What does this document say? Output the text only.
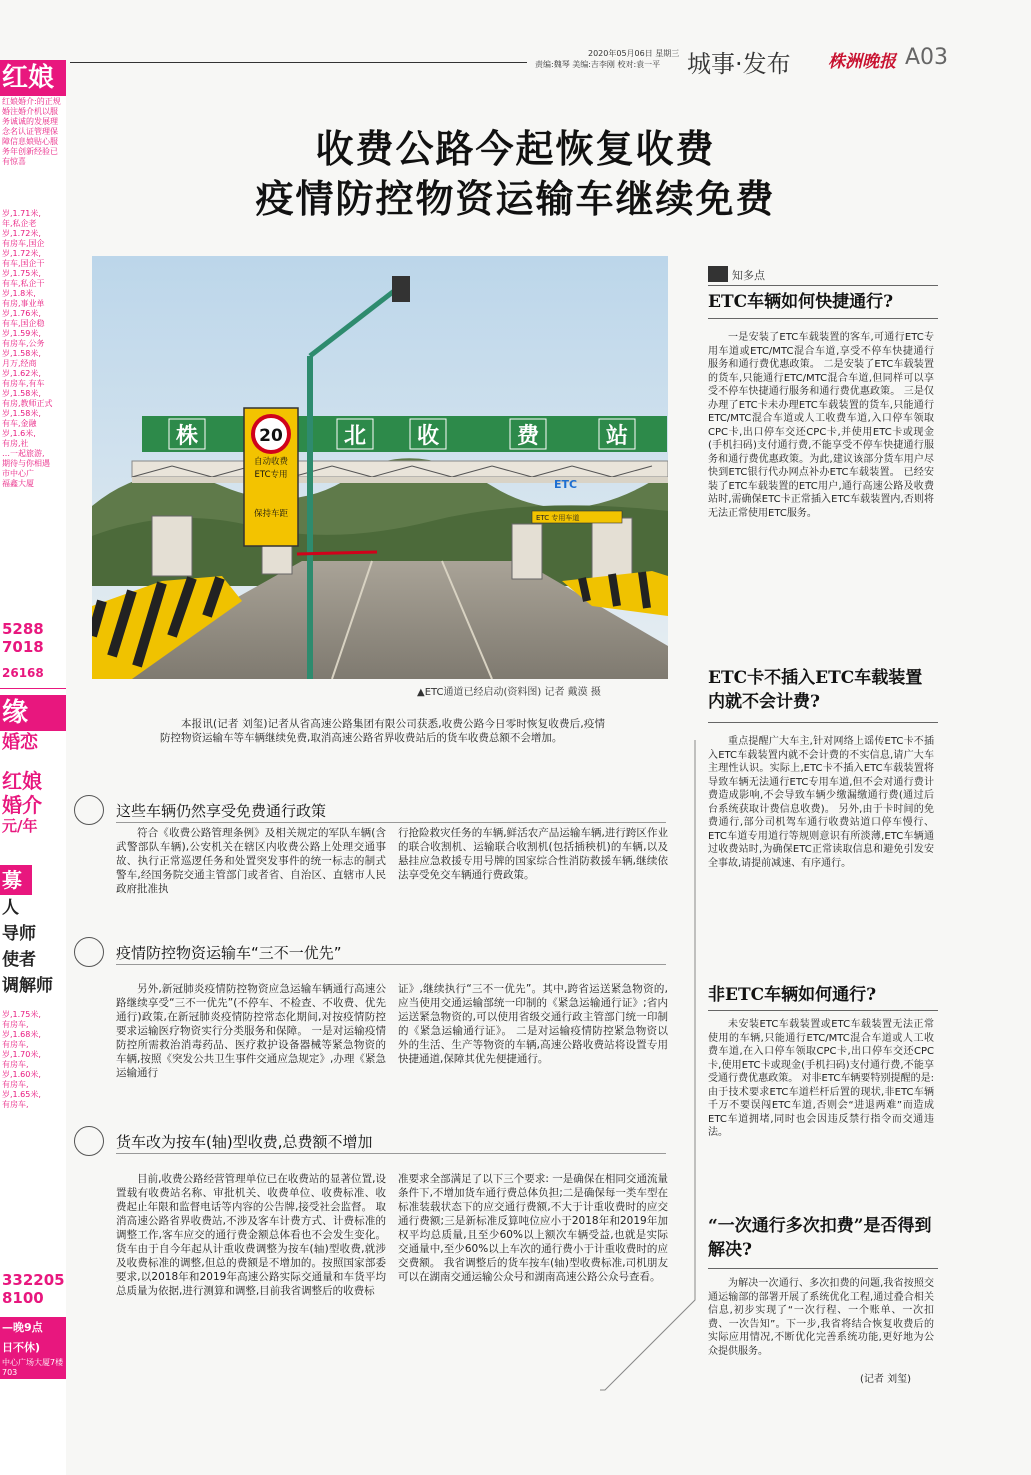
红娘
红娘婚介:的正规婚注婚介机以服务诚诚的发展理念名认证管理保障信息娘贴心服务年创新经验已有惊喜
岁,1.71米,
年,私企老
岁,1.72米,
有房车,国企
岁,1.72米,
有车,国企干
岁,1.75米,
有车,私企干
岁,1.8米,
有房,事业单
岁,1.76米,
有车,国企稳
岁,1.59米,
有房车,公务
岁,1.58米,
月万,经商
岁,1.62米,
有房车,有车
岁,1.58米,
有房,教师正式
岁,1.58米,
有车,金融
岁,1.6米,
有房,社
…一起旅游,
期待与你相遇
市中心广
福鑫大厦
5288
7018
26168
缘
婚恋
红娘
婚介
元/年
募
人
导师
使者
调解师
岁,1.75米,
有房车,
岁,1.68米,
有房车,
岁,1.70米,
有房车,
岁,1.60米,
有房车,
岁,1.65米,
有房车,
332205
8100
—晚9点
日不休)
中心广场大厦7楼703
2020年05月06日 星期三
责编:魏琴 美编:吉李刚 校对:袁一平 城事·发布 株洲晚报 A03
收费公路今起恢复收费
疫情防控物资运输车继续免费
株	北 收	费	站
ETC
ETC 专用车道
20
自动收费
ETC专用
保持车距
▲ETC通道已经启动(资料图) 记者 戴漠 摄

本报讯(记者 刘玺)记者从省高速公路集团有限公司获悉,收费公路今日零时恢复收费后,疫情防控物资运输车等车辆继续免费,取消高速公路省界收费站后的货车收费总额不会增加。

这些车辆仍然享受免费通行政策

符合《收费公路管理条例》及相关规定的军队车辆(含武警部队车辆),公安机关在辖区内收费公路上处理交通事故、执行正常巡逻任务和处置突发事件的统一标志的制式警车,经国务院交通主管部门或者省、自治区、直辖市人民政府批准执

行抢险救灾任务的车辆,鲜活农产品运输车辆,进行跨区作业的联合收割机、运输联合收割机(包括插秧机)的车辆,以及悬挂应急救援专用号牌的国家综合性消防救援车辆,继续依法享受免交车辆通行费政策。

疫情防控物资运输车“三不一优先”

另外,新冠肺炎疫情防控物资应急运输车辆通行高速公路继续享受“三不一优先”(不停车、不检查、不收费、优先通行)政策,在新冠肺炎疫情防控常态化期间,对按疫情防控要求运输医疗物资实行分类服务和保障。 一是对运输疫情防控所需救治消毒药品、医疗救护设备器械等紧急物资的车辆,按照《突发公共卫生事件交通应急规定》,办理《紧急运输通行

证》,继续执行“三不一优先”。其中,跨省运送紧急物资的,应当使用交通运输部统一印制的《紧急运输通行证》;省内运送紧急物资的,可以使用省级交通行政主管部门统一印制的《紧急运输通行证》。 二是对运输疫情防控紧急物资以外的生活、生产等物资的车辆,高速公路收费站将设置专用快捷通道,保障其优先便捷通行。

货车改为按车(轴)型收费,总费额不增加

目前,收费公路经营管理单位已在收费站的显著位置,设置载有收费站名称、审批机关、收费单位、收费标准、收费起止年限和监督电话等内容的公告牌,接受社会监督。 取消高速公路省界收费站,不涉及客车计费方式、计费标准的调整工作,客车应交的通行费金额总体看也不会发生变化。 货车由于自今年起从计重收费调整为按车(轴)型收费,就涉及收费标准的调整,但总的费额是不增加的。按照国家部委要求,以2018年和2019年高速公路实际交通量和车货平均总质量为依据,进行测算和调整,目前我省调整后的收费标

准要求全部满足了以下三个要求: 一是确保在相同交通流量条件下,不增加货车通行费总体负担;二是确保每一类车型在标准装载状态下的应交通行费额,不大于计重收费时的应交通行费额;三是新标准反算吨位应小于2018年和2019年加权平均总质量,且至少60%以上额次车辆受益,也就是实际交通量中,至少60%以上车次的通行费小于计重收费时的应交费额。 我省调整后的货车按车(轴)型收费标准,司机朋友可以在湖南交通运输公众号和湖南高速公路公众号查看。

知多点
ETC车辆如何快捷通行?

一是安装了ETC车载装置的客车,可通行ETC专用车道或ETC/MTC混合车道,享受不停车快捷通行服务和通行费优惠政策。 二是安装了ETC车载装置的货车,只能通行ETC/MTC混合车道,但同样可以享受不停车快捷通行服务和通行费优惠政策。 三是仅办理了ETC卡未办理ETC车载装置的货车,只能通行ETC/MTC混合车道或人工收费车道,入口停车领取CPC卡,出口停车交还CPC卡,并使用ETC卡或现金(手机扫码)支付通行费,不能享受不停车快捷通行服务和通行费优惠政策。为此,建议该部分货车用户尽快到ETC银行代办网点补办ETC车载装置。 已经安装了ETC车载装置的ETC用户,通行高速公路及收费站时,需确保ETC卡正常插入ETC车载装置内,否则将无法正常使用ETC服务。

ETC卡不插入ETC车载装置内就不会计费?

重点提醒广大车主,针对网络上谣传ETC卡不插入ETC车载装置内就不会计费的不实信息,请广大车主理性认识。实际上,ETC卡不插入ETC车载装置将导致车辆无法通行ETC专用车道,但不会对通行费计费造成影响,不会导致车辆少缴漏缴通行费(通过后台系统获取计费信息收费)。 另外,由于卡时间的免费通行,部分司机驾车通行收费站道口停车慢行、ETC车道专用道行等规则意识有所淡薄,ETC车辆通过收费站时,为确保ETC正常读取信息和避免引发安全事故,请提前减速、有序通行。

非ETC车辆如何通行?

未安装ETC车载装置或ETC车载装置无法正常使用的车辆,只能通行ETC/MTC混合车道或人工收费车道,在入口停车领取CPC卡,出口停车交还CPC卡,使用ETC卡或现金(手机扫码)支付通行费,不能享受通行费优惠政策。 对非ETC车辆要特别提醒的是:由于技术要求ETC车道栏杆后置的现状,非ETC车辆千万不要误闯ETC车道,否则会“进退两难”而造成ETC车道拥堵,同时也会因违反禁行指令而交通违法。

“一次通行多次扣费”是否得到解决?

为解决一次通行、多次扣费的问题,我省按照交通运输部的部署开展了系统优化工程,通过叠合相关信息,初步实现了“一次行程、一个账单、一次扣费、一次告知”。下一步,我省将结合恢复收费后的实际应用情况,不断优化完善系统功能,更好地为公众提供服务。

(记者 刘玺)
